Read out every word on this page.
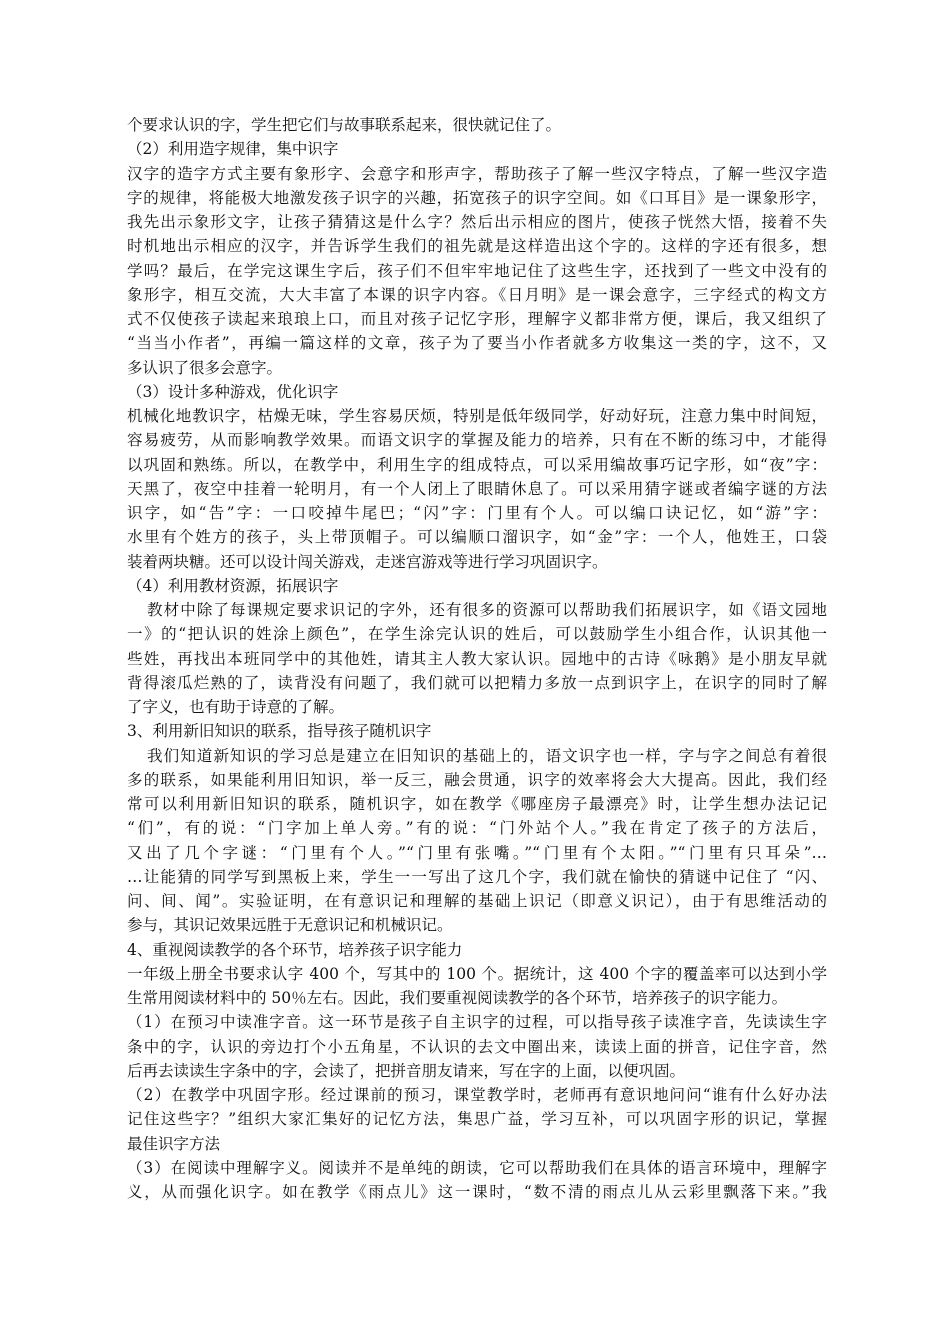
个要求认识的字，学生把它们与故事联系起来，很快就记住了。
（2）利用造字规律，集中识字
汉字的造字方式主要有象形字、会意字和形声字，帮助孩子了解一些汉字特点，了解一些汉字造
字的规律，将能极大地激发孩子识字的兴趣，拓宽孩子的识字空间。如《口耳目》是一课象形字，
我先出示象形文字，让孩子猜猜这是什么字？然后出示相应的图片，使孩子恍然大悟，接着不失
时机地出示相应的汉字，并告诉学生我们的祖先就是这样造出这个字的。这样的字还有很多，想
学吗？最后，在学完这课生字后，孩子们不但牢牢地记住了这些生字，还找到了一些文中没有的
象形字，相互交流，大大丰富了本课的识字内容。《日月明》是一课会意字，三字经式的构文方
式不仅使孩子读起来琅琅上口，而且对孩子记忆字形，理解字义都非常方便，课后，我又组织了
“当当小作者”，再编一篇这样的文章，孩子为了要当小作者就多方收集这一类的字，这不，又
多认识了很多会意字。
（3）设计多种游戏，优化识字
机械化地教识字，枯燥无味，学生容易厌烦，特别是低年级同学，好动好玩，注意力集中时间短，
容易疲劳，从而影响教学效果。而语文识字的掌握及能力的培养，只有在不断的练习中，才能得
以巩固和熟练。所以，在教学中，利用生字的组成特点，可以采用编故事巧记字形，如“夜”字：
天黑了，夜空中挂着一轮明月，有一个人闭上了眼睛休息了。可以采用猜字谜或者编字谜的方法
识字，如“告”字：一口咬掉牛尾巴；“闪”字：门里有个人。可以编口诀记忆，如“游”字：
水里有个姓方的孩子，头上带顶帽子。可以编顺口溜识字，如“金”字：一个人，他姓王，口袋
装着两块糖。还可以设计闯关游戏，走迷宫游戏等进行学习巩固识字。
（4）利用教材资源，拓展识字
教材中除了每课规定要求识记的字外，还有很多的资源可以帮助我们拓展识字，如《语文园地
一》的“把认识的姓涂上颜色”，在学生涂完认识的姓后，可以鼓励学生小组合作，认识其他一
些姓，再找出本班同学中的其他姓，请其主人教大家认识。园地中的古诗《咏鹅》是小朋友早就
背得滚瓜烂熟的了，读背没有问题了，我们就可以把精力多放一点到识字上，在识字的同时了解
了字义，也有助于诗意的了解。
3、利用新旧知识的联系，指导孩子随机识字
我们知道新知识的学习总是建立在旧知识的基础上的，语文识字也一样，字与字之间总有着很
多的联系，如果能利用旧知识，举一反三，融会贯通，识字的效率将会大大提高。因此，我们经
常可以利用新旧知识的联系，随机识字，如在教学《哪座房子最漂亮》时，让学生想办法记记
“们”，有的说：“门字加上单人旁。”有的说：“门外站个人。”我在肯定了孩子的方法后，
又出了几个字谜：“门里有个人。”“门里有张嘴。”“门里有个太阳。”“门里有只耳朵”…
…让能猜的同学写到黑板上来，学生一一写出了这几个字，我们就在愉快的猜谜中记住了 “闪、
问、间、闻”。实验证明，在有意识记和理解的基础上识记（即意义识记），由于有思维活动的
参与，其识记效果远胜于无意识记和机械识记。
4、重视阅读教学的各个环节，培养孩子识字能力
一年级上册全书要求认字 400 个，写其中的 100 个。据统计，这 400 个字的覆盖率可以达到小学
生常用阅读材料中的 50％左右。因此，我们要重视阅读教学的各个环节，培养孩子的识字能力。
（1）在预习中读准字音。这一环节是孩子自主识字的过程，可以指导孩子读准字音，先读读生字
条中的字，认识的旁边打个小五角星，不认识的去文中圈出来，读读上面的拼音，记住字音，然
后再去读读生字条中的字，会读了，把拼音朋友请来，写在字的上面，以便巩固。
（2）在教学中巩固字形。经过课前的预习，课堂教学时，老师再有意识地问问“谁有什么好办法
记住这些字？”组织大家汇集好的记忆方法，集思广益，学习互补，可以巩固字形的识记，掌握
最佳识字方法
（3）在阅读中理解字义。阅读并不是单纯的朗读，它可以帮助我们在具体的语言环境中，理解字
义，从而强化识字。如在教学《雨点儿》这一课时，“数不清的雨点儿从云彩里飘落下来。”我
